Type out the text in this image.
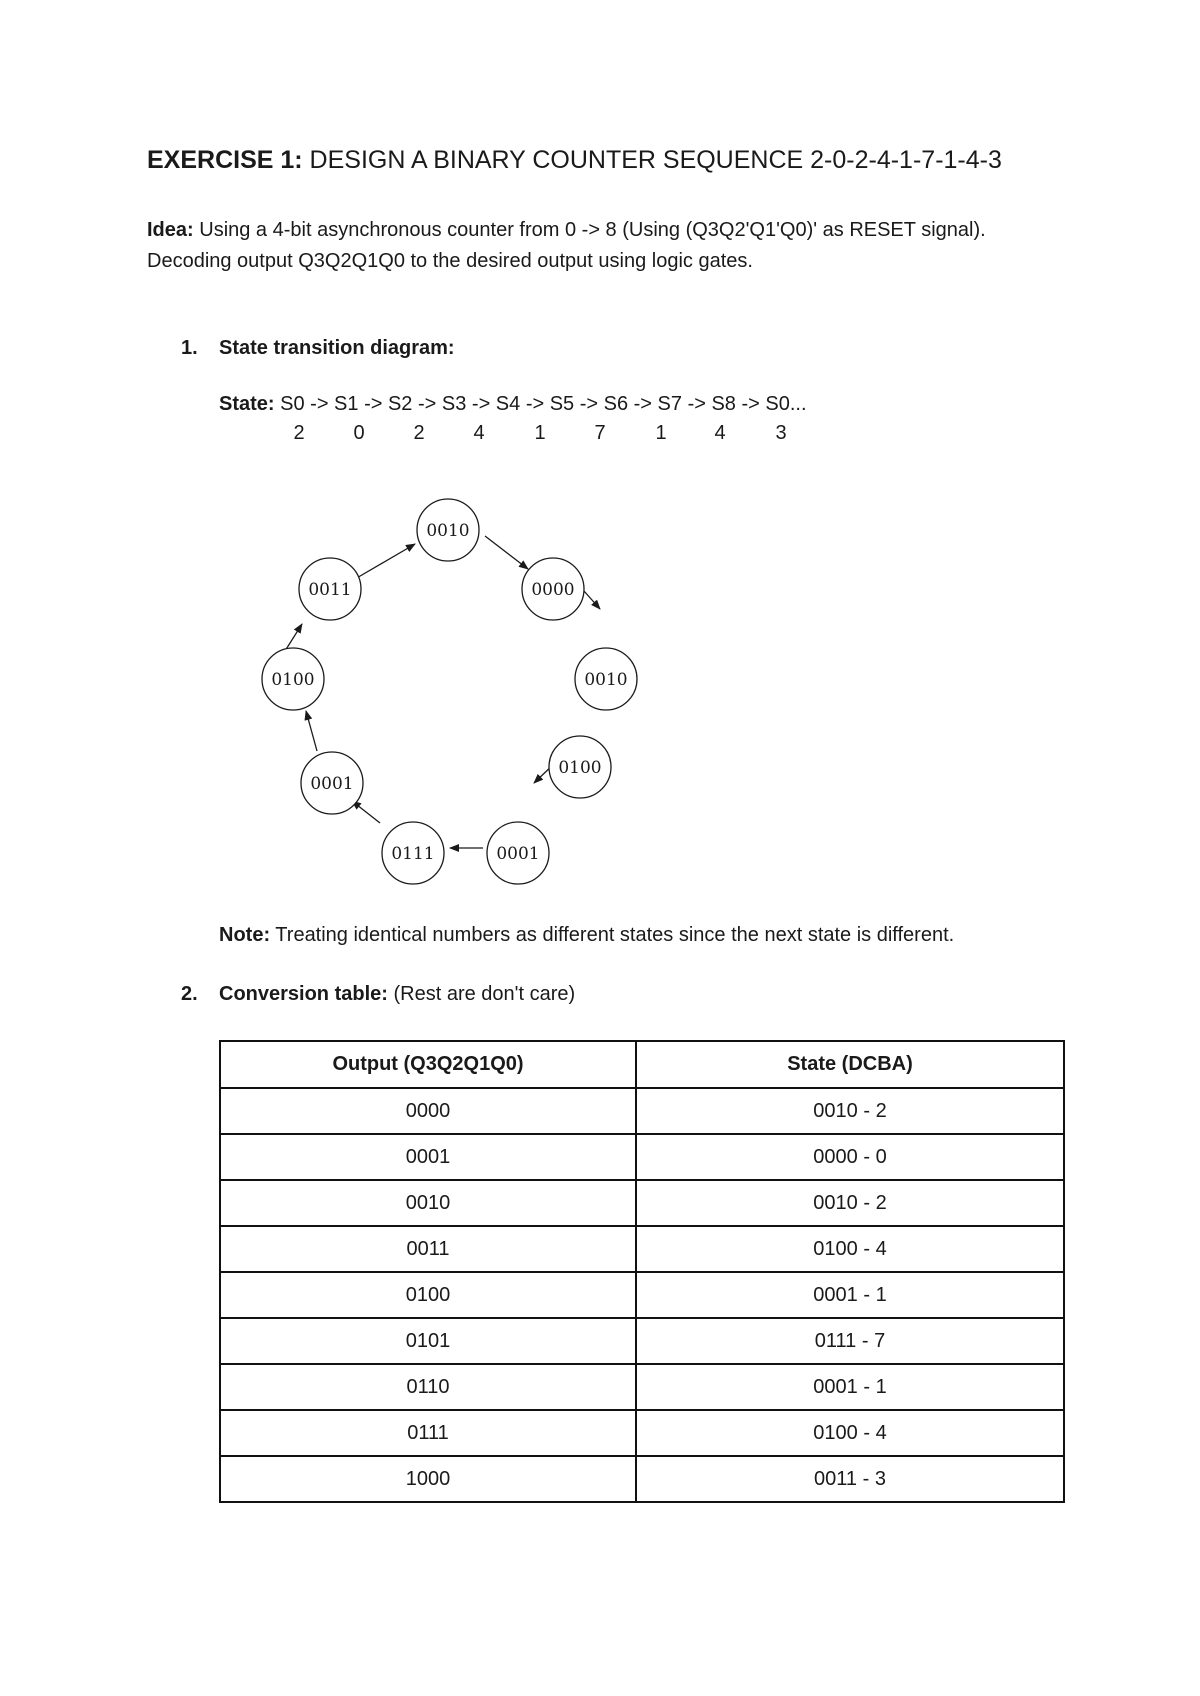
EXERCISE 1: DESIGN A BINARY COUNTER SEQUENCE 2-0-2-4-1-7-1-4-3
Idea: Using a 4-bit asynchronous counter from 0 -> 8 (Using (Q3Q2'Q1'Q0)' as RESET signal). Decoding output Q3Q2Q1Q0 to the desired output using logic gates.
1. State transition diagram:
State: S0 -> S1 -> S2 -> S3 -> S4 -> S5 -> S6 -> S7 -> S8 -> S0...
2 0 2 4 1 7 1 4 3
0010
0000
0010
0100
0001
0111
0001
0100
0011
Note: Treating identical numbers as different states since the next state is different.
2. Conversion table: (Rest are don't care)
Output (Q3Q2Q1Q0)	State (DCBA)
0000	0010 - 2
0001	0000 - 0
0010	0010 - 2
0011	0100 - 4
0100	0001 - 1
0101	0111 - 7
0110	0001 - 1
0111	0100 - 4
1000	0011 - 3
